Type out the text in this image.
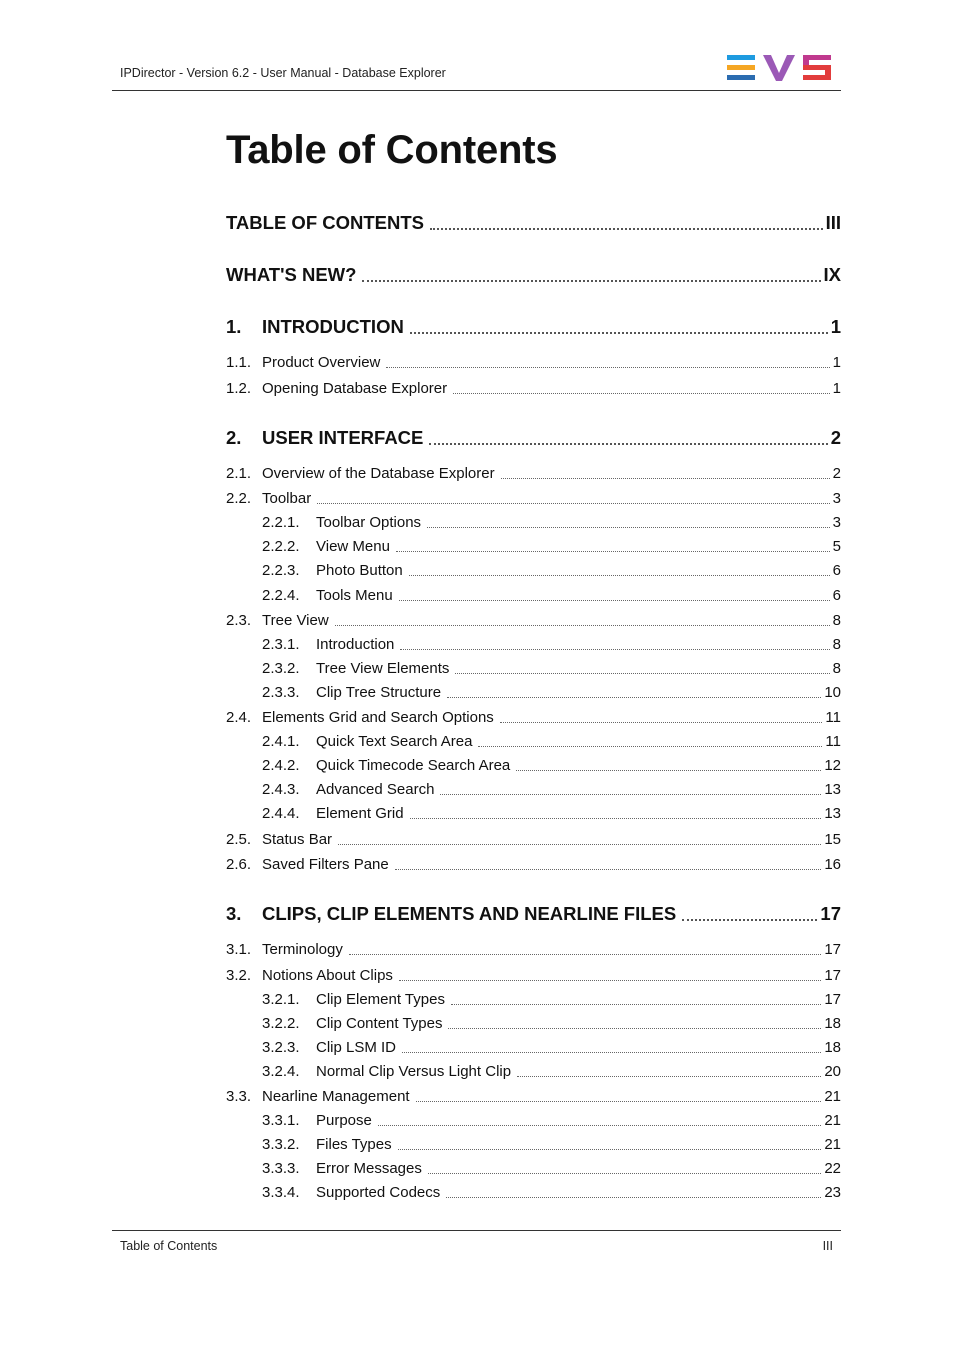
IPDirector - Version 6.2 - User Manual - Database Explorer
Table of Contents
TABLE OF CONTENTS	III
WHAT'S NEW?	IX
1.	INTRODUCTION	1
1.1. Product Overview	1
1.2. Opening Database Explorer	1
2.	USER INTERFACE	2
2.1. Overview of the Database Explorer	2
2.2. Toolbar	3
2.2.1.	Toolbar Options	3
2.2.2.	View Menu	5
2.2.3.	Photo Button	6
2.2.4.	Tools Menu	6
2.3. Tree View	8
2.3.1.	Introduction	8
2.3.2.	Tree View Elements	8
2.3.3.	Clip Tree Structure	10
2.4. Elements Grid and Search Options	11
2.4.1.	Quick Text Search Area	11
2.4.2.	Quick Timecode Search Area	12
2.4.3.	Advanced Search	13
2.4.4.	Element Grid	13
2.5. Status Bar	15
2.6. Saved Filters Pane	16
3.	CLIPS, CLIP ELEMENTS AND NEARLINE FILES	17
3.1. Terminology	17
3.2. Notions About Clips	17
3.2.1.	Clip Element Types	17
3.2.2.	Clip Content Types	18
3.2.3.	Clip LSM ID	18
3.2.4.	Normal Clip Versus Light Clip	20
3.3. Nearline Management	21
3.3.1.	Purpose	21
3.3.2.	Files Types	21
3.3.3.	Error Messages	22
3.3.4.	Supported Codecs	23
Table of Contents	III
